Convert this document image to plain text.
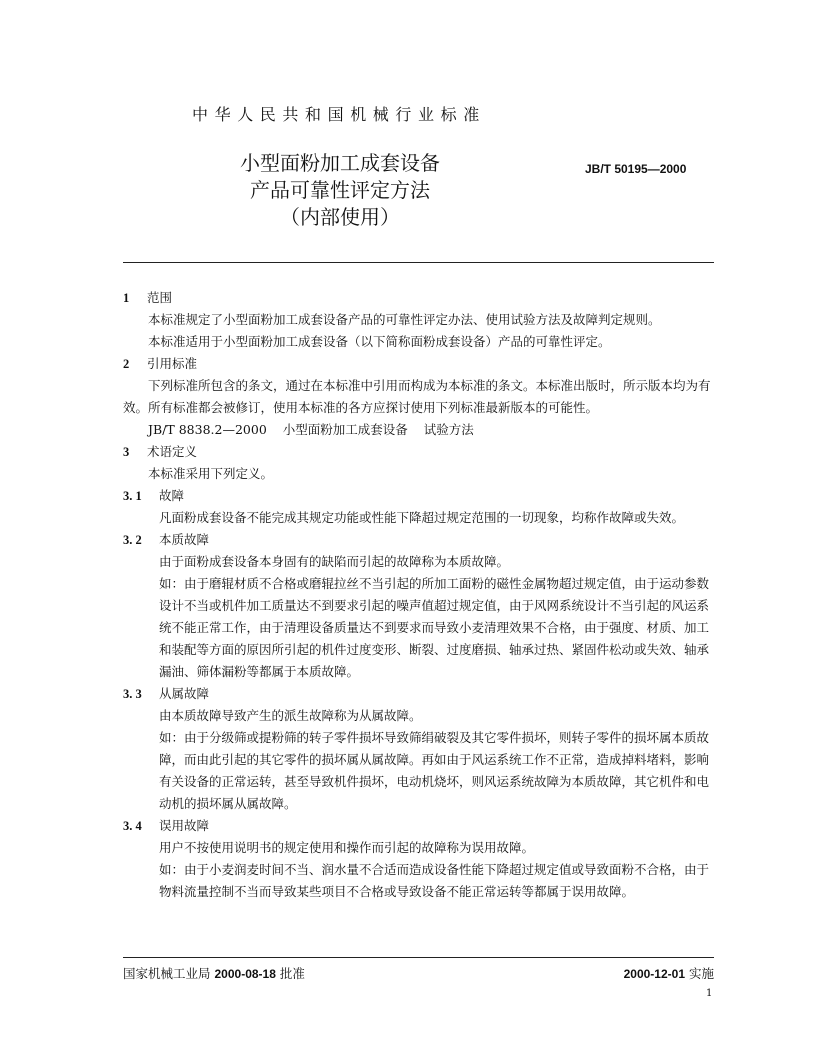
中华人民共和国机械行业标准
小型面粉加工成套设备
产品可靠性评定方法
（内部使用）
JB/T 50195—2000
1 范围
本标准规定了小型面粉加工成套设备产品的可靠性评定办法、使用试验方法及故障判定规则。
本标准适用于小型面粉加工成套设备（以下简称面粉成套设备）产品的可靠性评定。
2 引用标准
下列标准所包含的条文，通过在本标准中引用而构成为本标准的条文。本标准出版时，所示版本均为有效。所有标准都会被修订，使用本标准的各方应探讨使用下列标准最新版本的可能性。
JB/T 8838.2—2000 小型面粉加工成套设备 试验方法
3 术语定义
本标准采用下列定义。
3. 1 故障
凡面粉成套设备不能完成其规定功能或性能下降超过规定范围的一切现象，均称作故障或失效。
3. 2 本质故障
由于面粉成套设备本身固有的缺陷而引起的故障称为本质故障。
如：由于磨辊材质不合格或磨辊拉丝不当引起的所加工面粉的磁性金属物超过规定值，由于运动参数设计不当或机件加工质量达不到要求引起的噪声值超过规定值，由于风网系统设计不当引起的风运系统不能正常工作，由于清理设备质量达不到要求而导致小麦清理效果不合格，由于强度、材质、加工和装配等方面的原因所引起的机件过度变形、断裂、过度磨损、轴承过热、紧固件松动或失效、轴承漏油、筛体漏粉等都属于本质故障。
3. 3 从属故障
由本质故障导致产生的派生故障称为从属故障。
如：由于分级筛或提粉筛的转子零件损坏导致筛绢破裂及其它零件损坏，则转子零件的损坏属本质故障，而由此引起的其它零件的损坏属从属故障。再如由于风运系统工作不正常，造成掉料堵料，影响有关设备的正常运转，甚至导致机件损坏，电动机烧坏，则风运系统故障为本质故障，其它机件和电动机的损坏属从属故障。
3. 4 误用故障
用户不按使用说明书的规定使用和操作而引起的故障称为误用故障。
如：由于小麦润麦时间不当、润水量不合适而造成设备性能下降超过规定值或导致面粉不合格，由于物料流量控制不当而导致某些项目不合格或导致设备不能正常运转等都属于误用故障。
国家机械工业局 2000-08-18 批准	2000-12-01 实施
1
